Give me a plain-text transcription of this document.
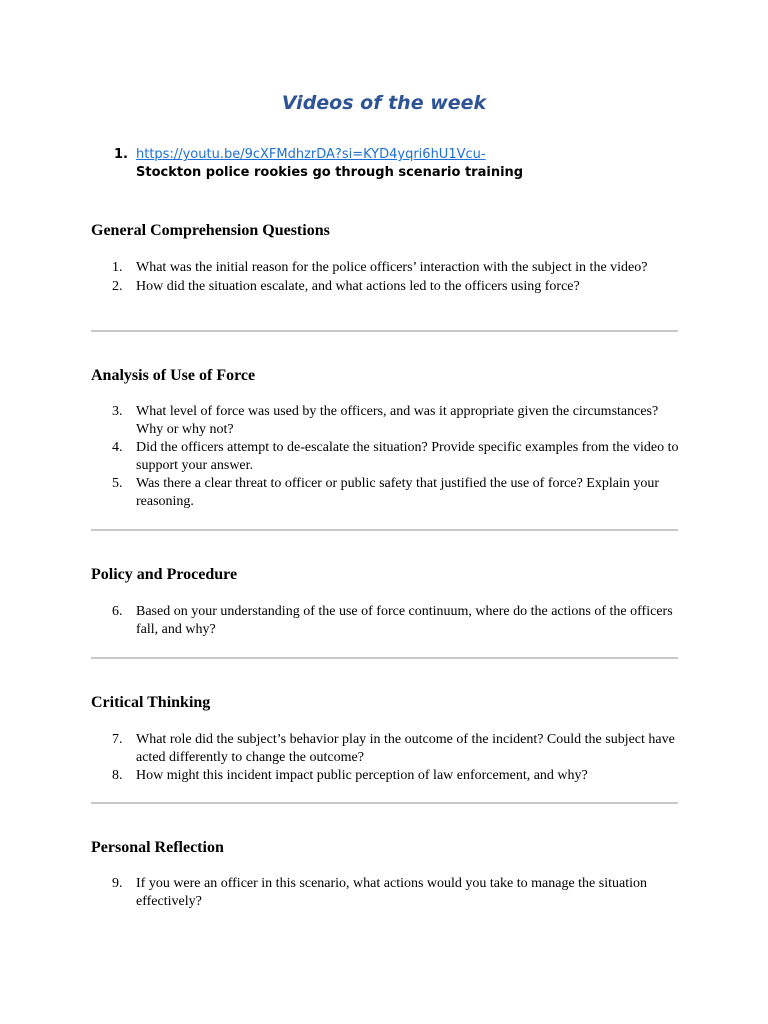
Videos of the week
1. https://youtu.be/9cXFMdhzrDA?si=KYD4yqri6hU1Vcu-
Stockton police rookies go through scenario training
General Comprehension Questions
1. What was the initial reason for the police officers’ interaction with the subject in the video?
2. How did the situation escalate, and what actions led to the officers using force?
Analysis of Use of Force
3. What level of force was used by the officers, and was it appropriate given the circumstances? Why or why not?
4. Did the officers attempt to de-escalate the situation? Provide specific examples from the video to support your answer.
5. Was there a clear threat to officer or public safety that justified the use of force? Explain your reasoning.
Policy and Procedure
6. Based on your understanding of the use of force continuum, where do the actions of the officers fall, and why?
Critical Thinking
7. What role did the subject’s behavior play in the outcome of the incident? Could the subject have acted differently to change the outcome?
8. How might this incident impact public perception of law enforcement, and why?
Personal Reflection
9. If you were an officer in this scenario, what actions would you take to manage the situation effectively?
